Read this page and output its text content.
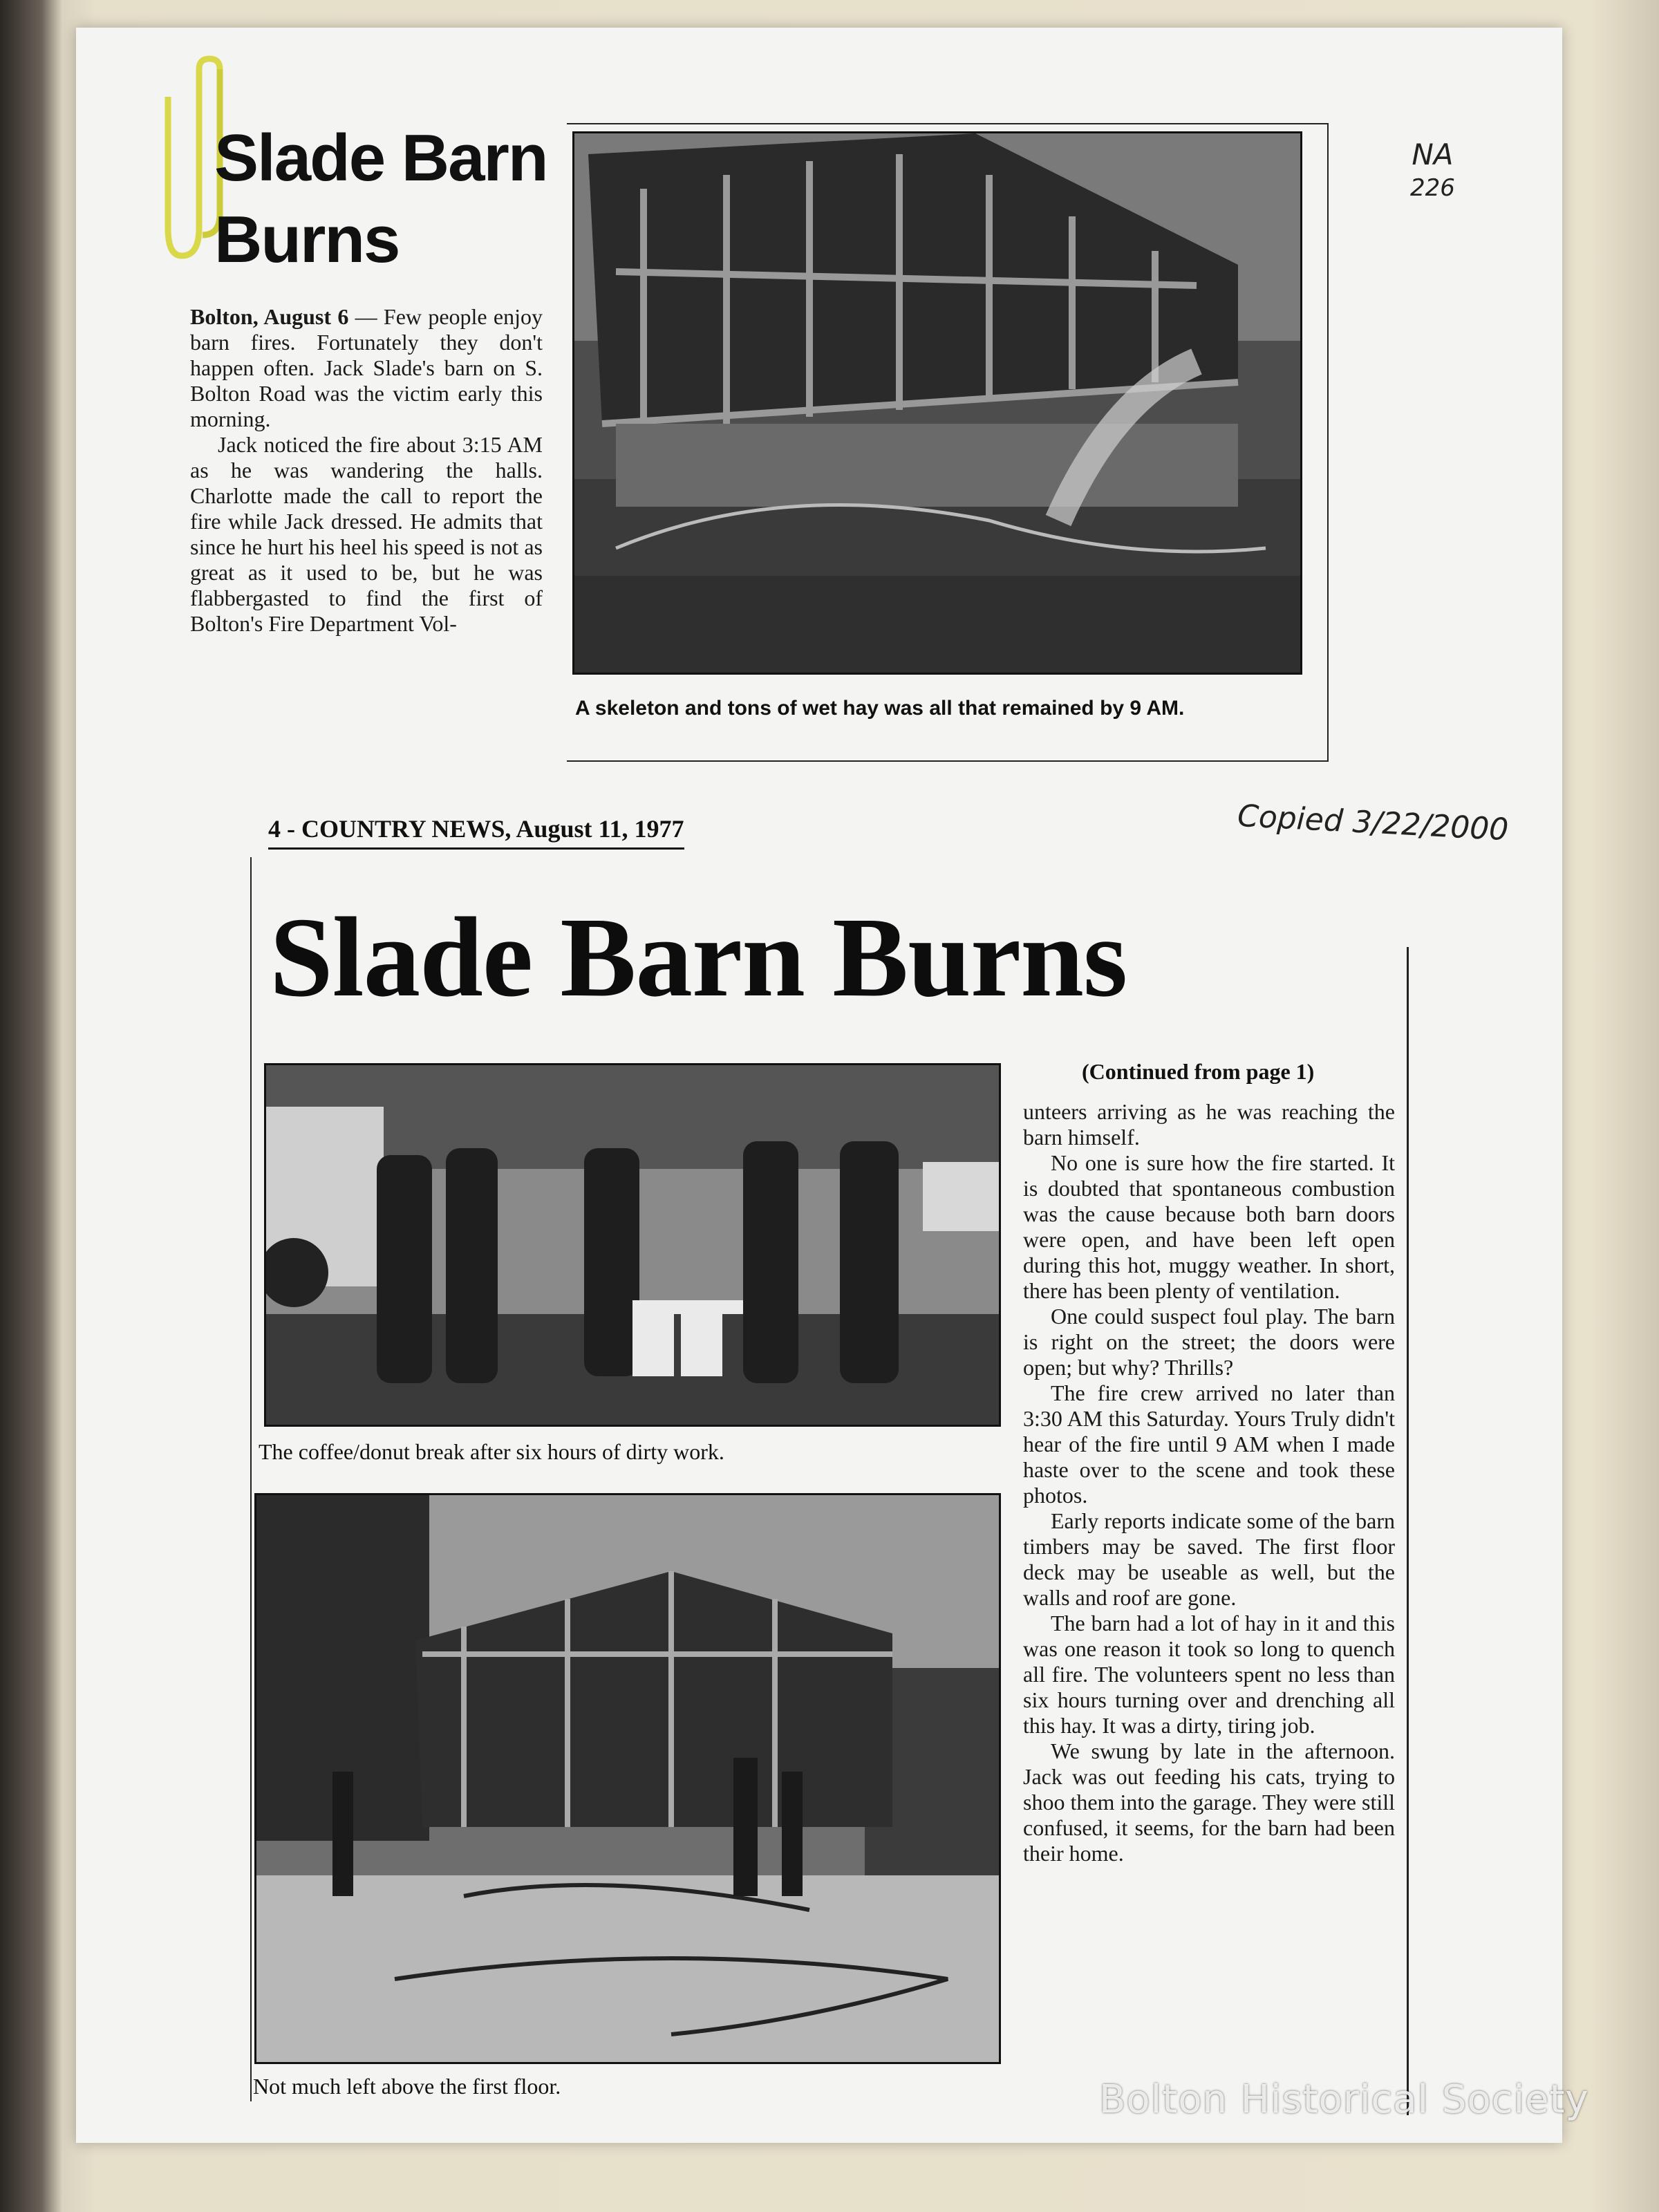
NA
226
Copied 3/22/2000
Slade Barn
Burns

Bolton, August 6 — Few people enjoy barn fires. Fortunately they don't happen often. Jack Slade's barn on S. Bolton Road was the victim early this morning.

Jack noticed the fire about 3:15 AM as he was wandering the halls. Charlotte made the call to report the fire while Jack dressed. He admits that since he hurt his heel his speed is not as great as it used to be, but he was flabbergasted to find the first of Bolton's Fire Department Vol-

A skeleton and tons of wet hay was all that remained by 9 AM.
4 - COUNTRY NEWS, August 11, 1977
Slade Barn Burns
(Continued from page 1)
The coffee/donut break after six hours of dirty work.
Not much left above the first floor.

unteers arriving as he was reaching the barn himself.

No one is sure how the fire started. It is doubted that spontaneous combustion was the cause because both barn doors were open, and have been left open during this hot, muggy weather. In short, there has been plenty of ventilation.

One could suspect foul play. The barn is right on the street; the doors were open; but why? Thrills?

The fire crew arrived no later than 3:30 AM this Saturday. Yours Truly didn't hear of the fire until 9 AM when I made haste over to the scene and took these photos.

Early reports indicate some of the barn timbers may be saved. The first floor deck may be useable as well, but the walls and roof are gone.

The barn had a lot of hay in it and this was one reason it took so long to quench all fire. The volunteers spent no less than six hours turning over and drenching all this hay. It was a dirty, tiring job.

We swung by late in the afternoon. Jack was out feeding his cats, trying to shoo them into the garage. They were still confused, it seems, for the barn had been their home.

Bolton Historical Society
